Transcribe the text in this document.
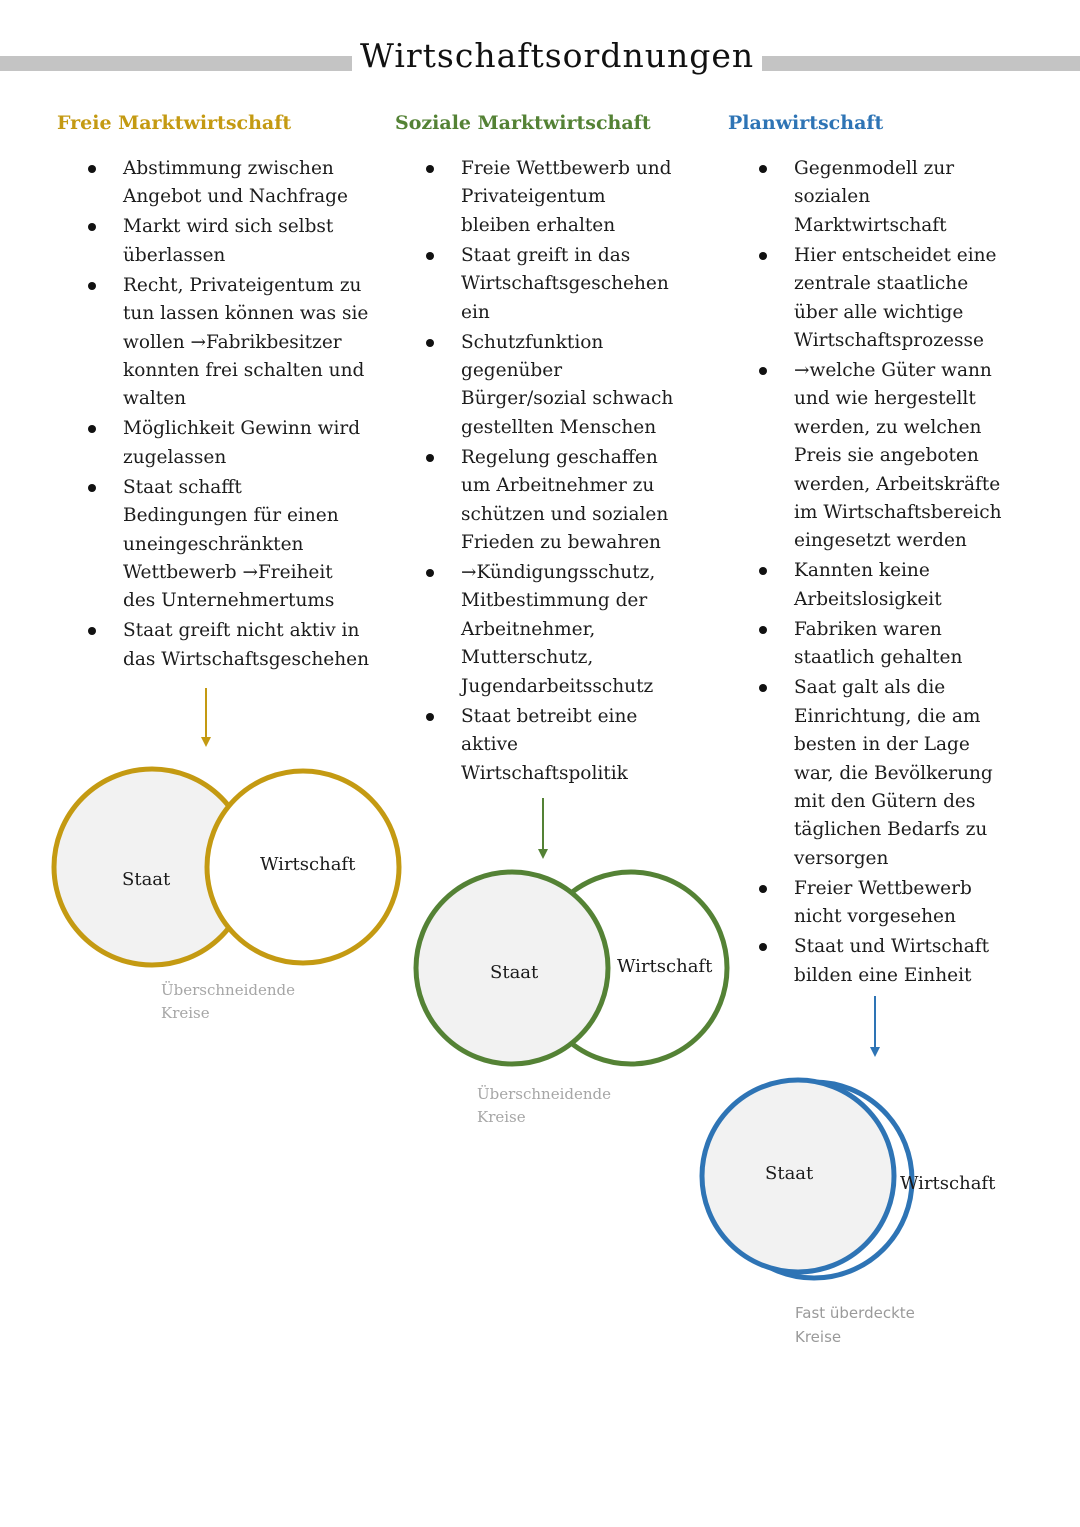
Wirtschaftsordnungen
Freie Marktwirtschaft
Abstimmung zwischen Angebot und Nachfrage
Markt wird sich selbst überlassen
Recht, Privateigentum zu tun lassen können was sie wollen →Fabrikbesitzer konnten frei schalten und walten
Möglichkeit Gewinn wird zugelassen
Staat schafft Bedingungen für einen uneingeschränkten Wettbewerb →Freiheit des Unternehmertums
Staat greift nicht aktiv in das Wirtschaftsgeschehen
Soziale Marktwirtschaft
Freie Wettbewerb und Privateigentum bleiben erhalten
Staat greift in das Wirtschaftsgeschehen ein
Schutzfunktion gegenüber Bürger/sozial schwach gestellten Menschen
Regelung geschaffen um Arbeitnehmer zu schützen und sozialen Frieden zu bewahren
→Kündigungsschutz, Mitbestimmung der Arbeitnehmer, Mutterschutz, Jugendarbeitsschutz
Staat betreibt eine aktive Wirtschaftspolitik
Planwirtschaft
Gegenmodell zur sozialen Marktwirtschaft
Hier entscheidet eine zentrale staatliche über alle wichtige Wirtschaftsprozesse
→welche Güter wann und wie hergestellt werden, zu welchen Preis sie angeboten werden, Arbeitskräfte im Wirtschaftsbereich eingesetzt werden
Kannten keine Arbeitslosigkeit
Fabriken waren staatlich gehalten
Saat galt als die Einrichtung, die am besten in der Lage war, die Bevölkerung mit den Gütern des täglichen Bedarfs zu versorgen
Freier Wettbewerb nicht vorgesehen
Staat und Wirtschaft bilden eine Einheit
Staat
Wirtschaft
Überschneidende
Kreise
Staat	Wirtschaft
Überschneidende
Kreise
Staat	Wirtschaft
Fast überdeckte
Kreise
